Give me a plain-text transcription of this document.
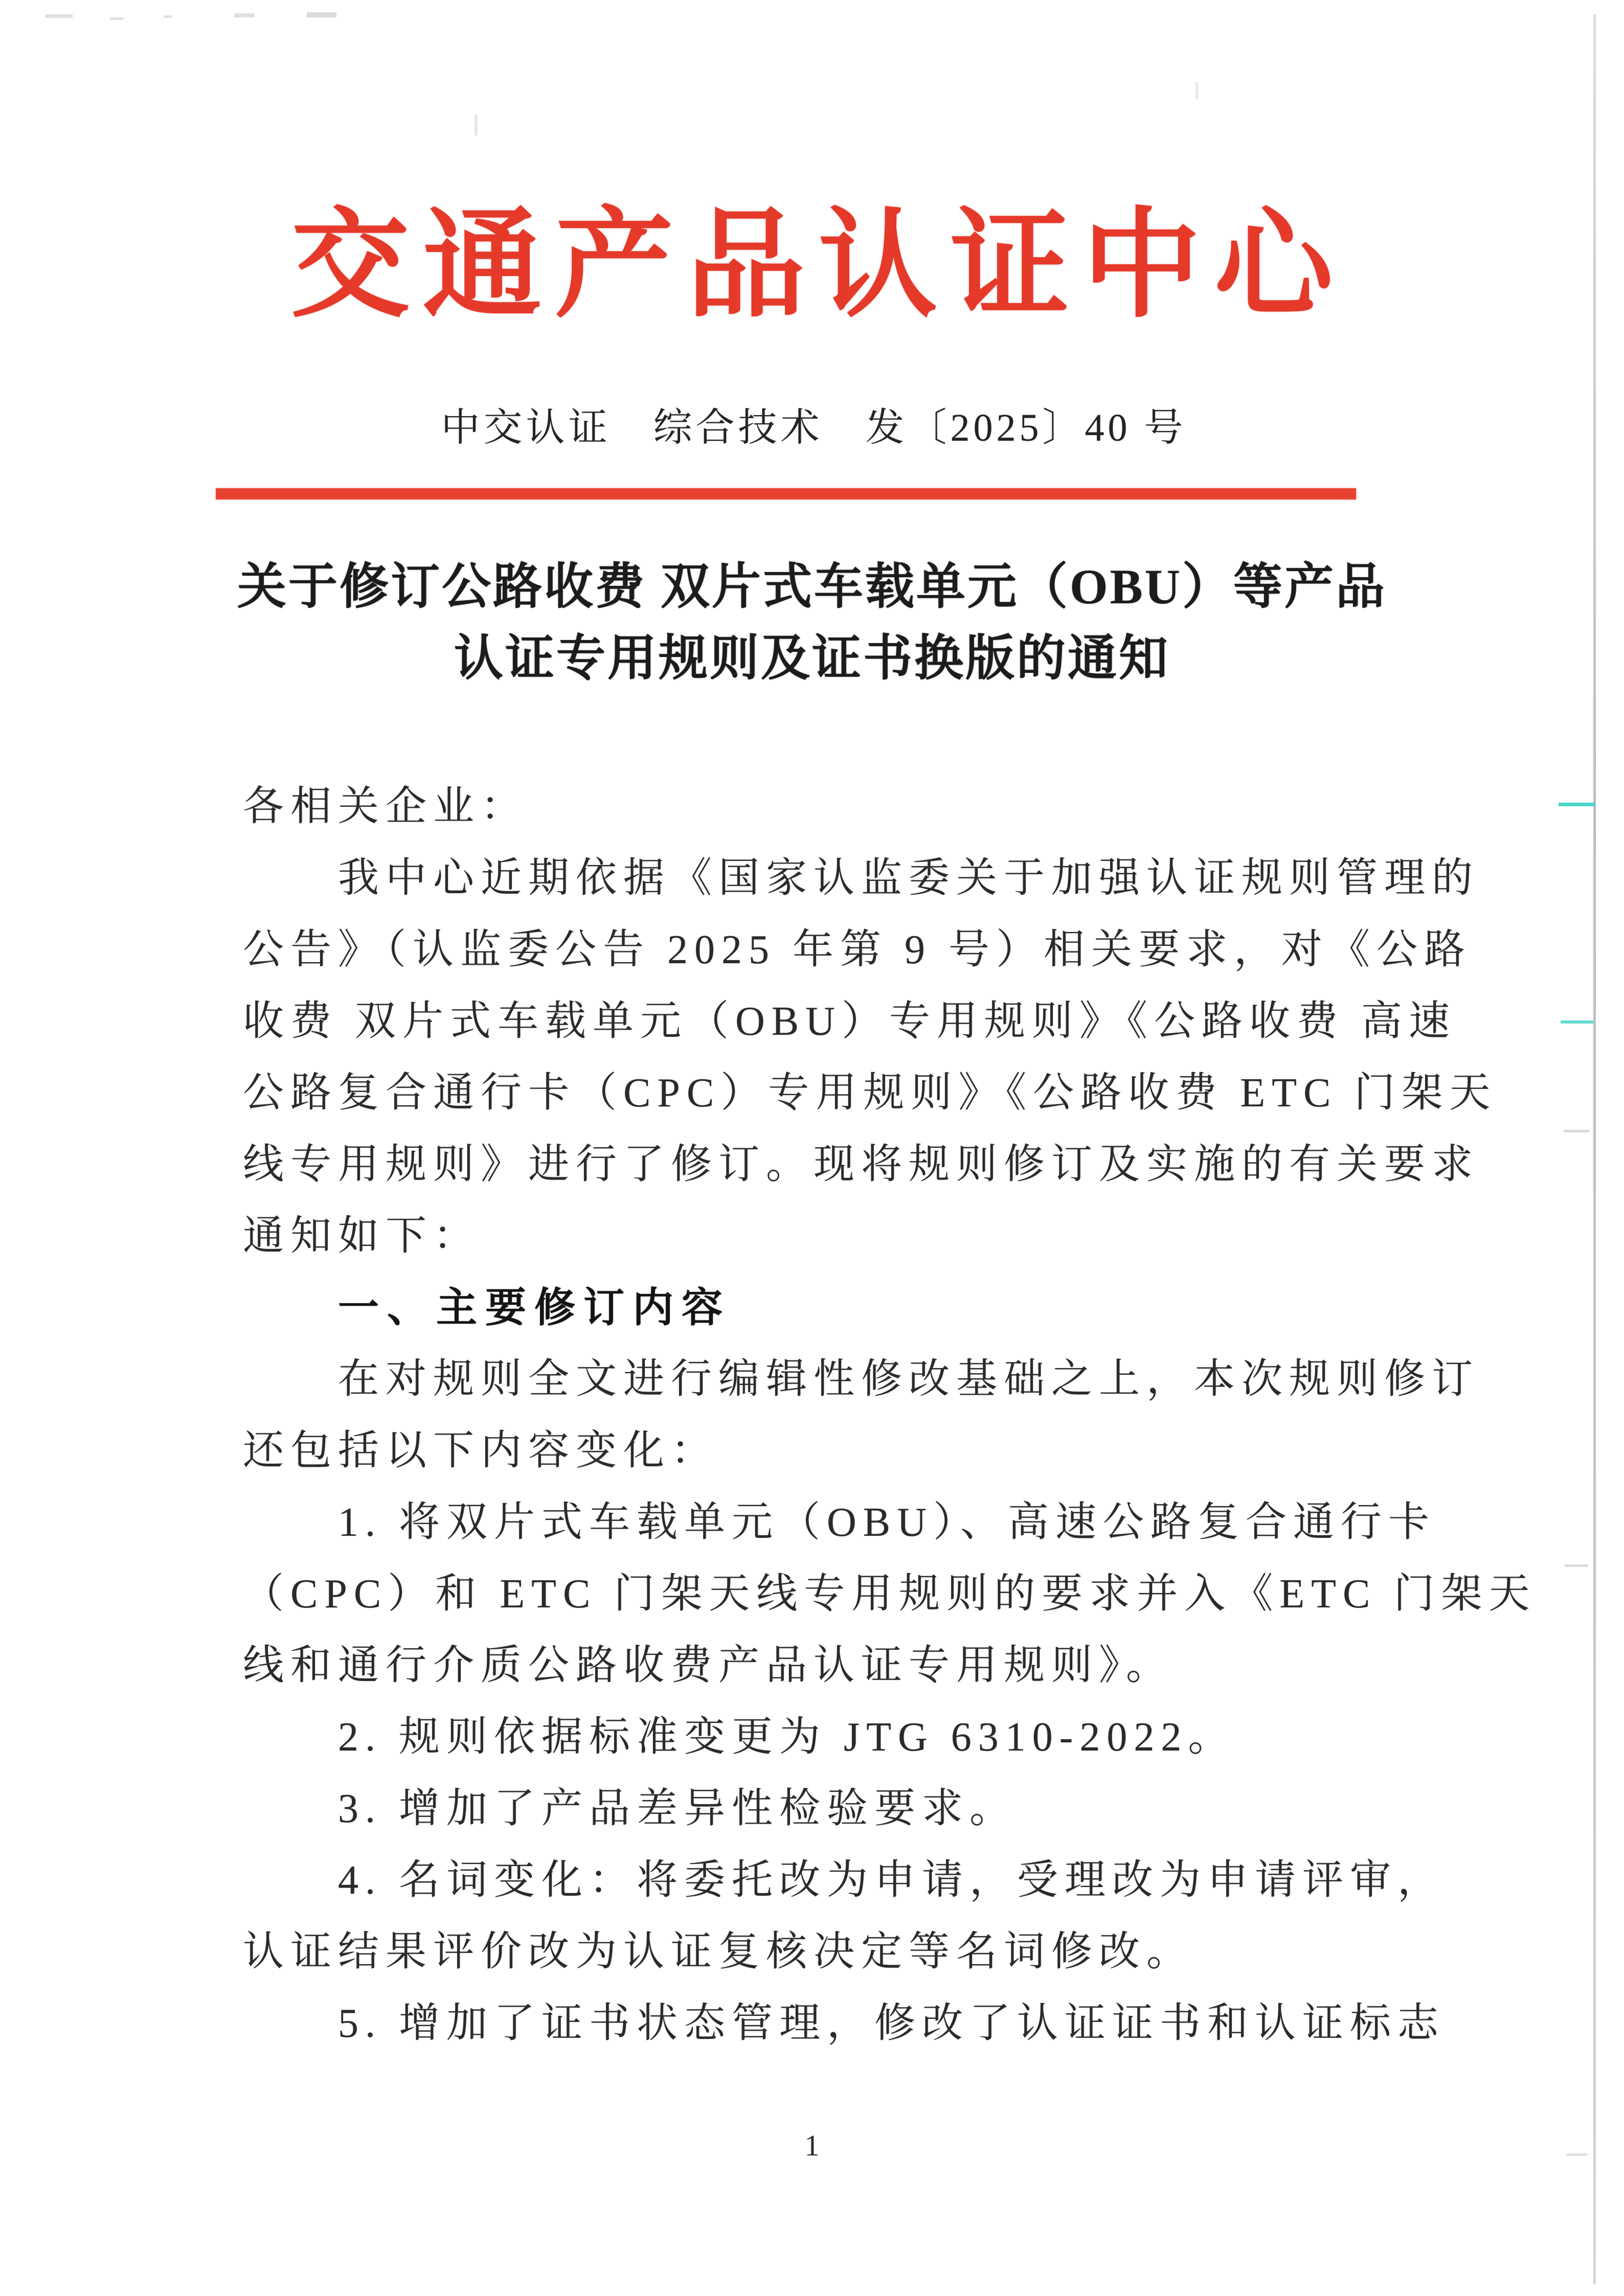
交通产品认证中心
中交认证　综合技术　发〔2025〕40 号
关于修订公路收费 双片式车载单元（OBU）等产品
认证专用规则及证书换版的通知
各相关企业：
我中心近期依据《国家认监委关于加强认证规则管理的
公告》（认监委公告 2025 年第 9 号）相关要求，对《公路
收费 双片式车载单元（OBU）专用规则》《公路收费 高速
公路复合通行卡（CPC）专用规则》《公路收费 ETC 门架天
线专用规则》进行了修订。现将规则修订及实施的有关要求
通知如下：
一、主要修订内容
在对规则全文进行编辑性修改基础之上，本次规则修订
还包括以下内容变化：
1. 将双片式车载单元（OBU）、高速公路复合通行卡
（CPC）和 ETC 门架天线专用规则的要求并入《ETC 门架天
线和通行介质公路收费产品认证专用规则》。
2. 规则依据标准变更为 JTG 6310-2022。
3. 增加了产品差异性检验要求。
4. 名词变化：将委托改为申请，受理改为申请评审，
认证结果评价改为认证复核决定等名词修改。
5. 增加了证书状态管理，修改了认证证书和认证标志
1
